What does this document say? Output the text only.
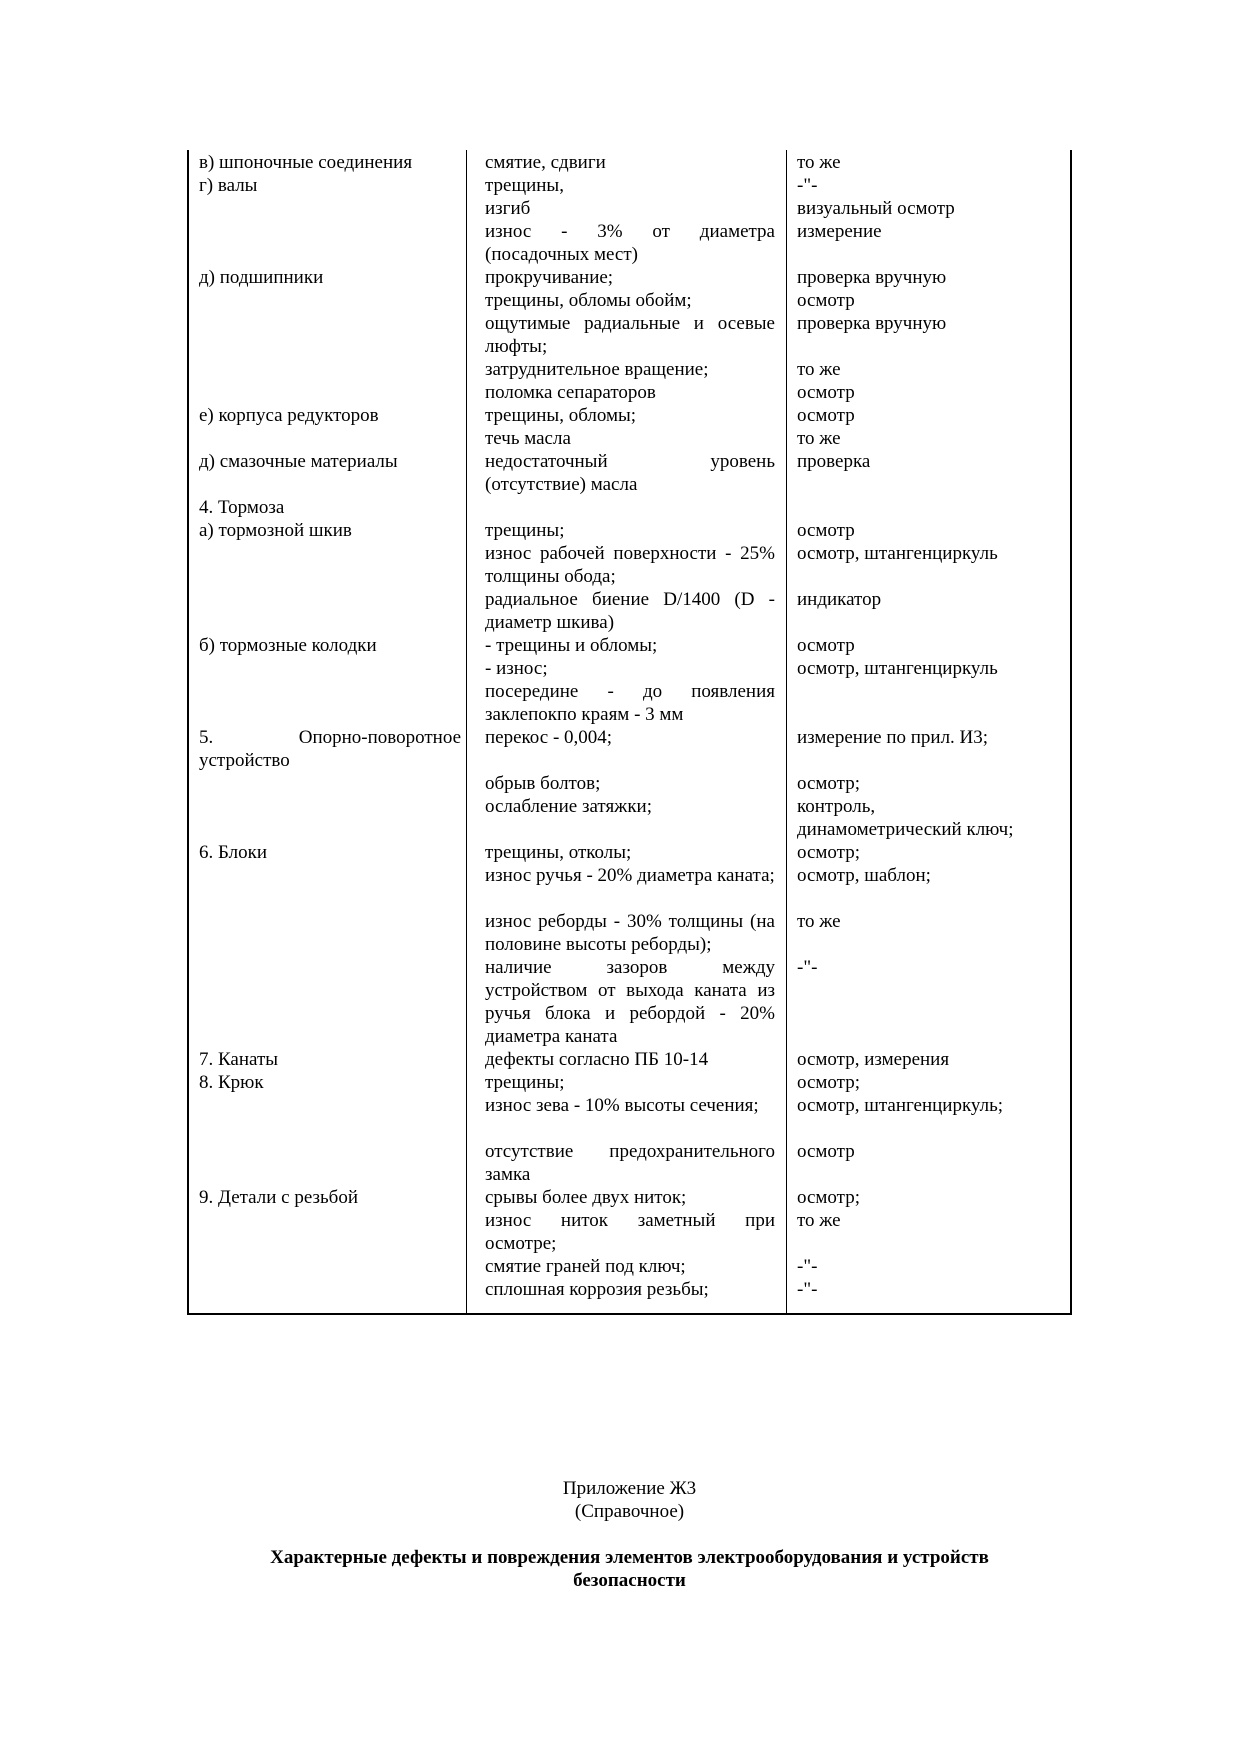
в) шпоночные соединения
г) валы
д) подшипники
е) корпуса редукторов
д) смазочные материалы
4. Тормоза
а) тормозной шкив
б) тормозные колодки
5. Опорно-поворотное
устройство
6. Блоки
7. Канаты
8. Крюк
9. Детали с резьбой
смятие, сдвиги
трещины,
изгиб
износ - 3% от диаметра (посадочных мест)
прокручивание;
трещины, обломы обойм;
ощутимые радиальные и осевые люфты;
затруднительное вращение;
поломка сепараторов
трещины, обломы;
течь масла
недостаточный уровень (отсутствие) масла
трещины;
износ рабочей поверхности - 25% толщины обода;
радиальное биение D/1400 (D - диаметр шкива)
- трещины и обломы;
- износ;
посередине - до появления заклепокпо краям - 3 мм
перекос - 0,004;
обрыв болтов;
ослабление затяжки;
трещины, отколы;
износ ручья - 20% диаметра каната;
износ реборды - 30% толщины (на половине высоты реборды);
наличие зазоров между устройством от выхода каната из ручья блока и ребордой - 20% диаметра каната
дефекты согласно ПБ 10-14
трещины;
износ зева - 10% высоты сечения;
отсутствие предохранительного замка
срывы более двух ниток;
износ ниток заметный при осмотре;
смятие граней под ключ;
сплошная коррозия резьбы;
то же
-"-
визуальный осмотр
измерение
проверка вручную
осмотр
проверка вручную
то же
осмотр
осмотр
то же
проверка
осмотр
осмотр, штангенциркуль
индикатор
осмотр
осмотр, штангенциркуль
измерение по прил. И3;
осмотр;
контроль,
динамометрический ключ;
осмотр;
осмотр, шаблон;
то же
-"-
осмотр, измерения
осмотр;
осмотр, штангенциркуль;
осмотр
осмотр;
то же
-"-
-"-
Приложение Ж3
(Справочное)
Характерные дефекты и повреждения элементов электрооборудования и устройств
безопасности
